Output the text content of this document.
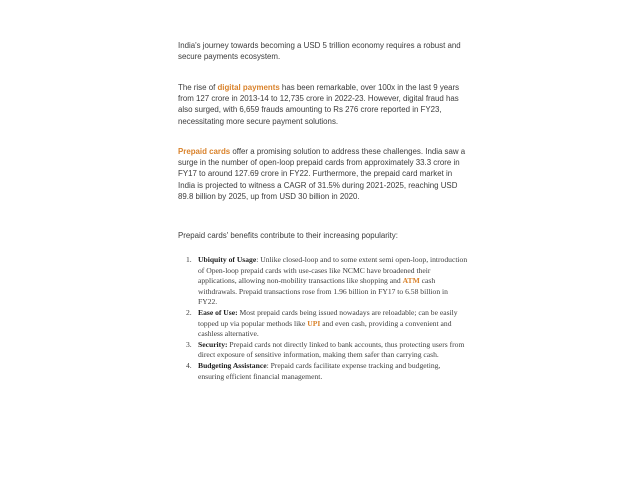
India's journey towards becoming a USD 5 trillion economy requires a robust and secure payments ecosystem.

The rise of digital payments has been remarkable, over 100x in the last 9 years from 127 crore in 2013-14 to 12,735 crore in 2022-23. However, digital fraud has also surged, with 6,659 frauds amounting to Rs 276 crore reported in FY23, necessitating more secure payment solutions.

Prepaid cards offer a promising solution to address these challenges. India saw a surge in the number of open-loop prepaid cards from approximately 33.3 crore in FY17 to around 127.69 crore in FY22. Furthermore, the prepaid card market in India is projected to witness a CAGR of 31.5% during 2021-2025, reaching USD 89.8 billion by 2025, up from USD 30 billion in 2020.

Prepaid cards' benefits contribute to their increasing popularity:

1. Ubiquity of Usage: Unlike closed-loop and to some extent semi open-loop, introduction of Open-loop prepaid cards with use-cases like NCMC have broadened their applications, allowing non-mobility transactions like shopping and ATM cash withdrawals. Prepaid transactions rose from 1.96 billion in FY17 to 6.58 billion in FY22.
2. Ease of Use: Most prepaid cards being issued nowadays are reloadable; can be easily topped up via popular methods like UPI and even cash, providing a convenient and cashless alternative.
3. Security: Prepaid cards not directly linked to bank accounts, thus protecting users from direct exposure of sensitive information, making them safer than carrying cash.
4. Budgeting Assistance: Prepaid cards facilitate expense tracking and budgeting, ensuring efficient financial management.
